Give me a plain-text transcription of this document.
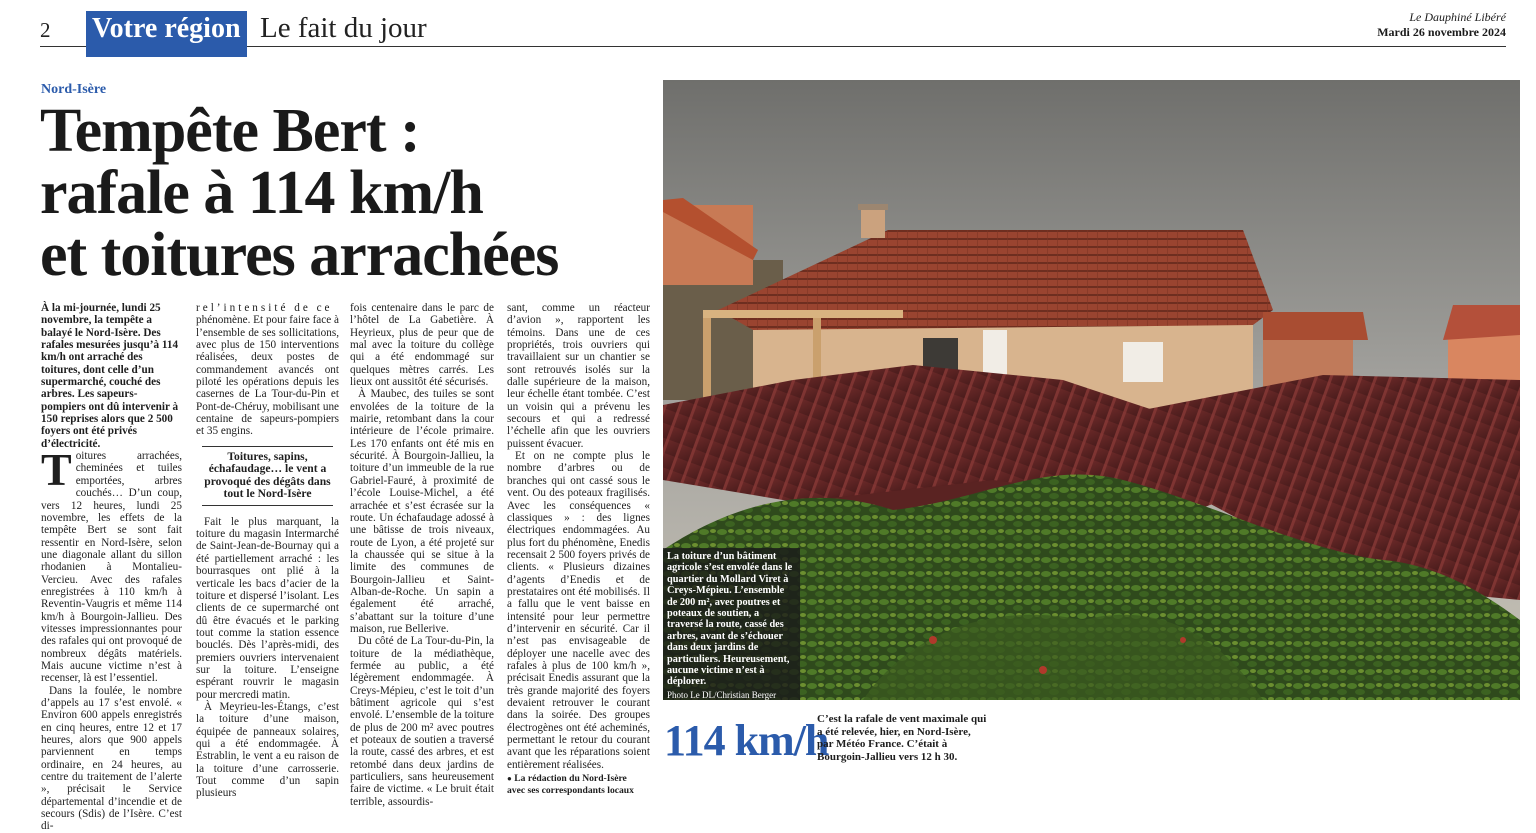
2 Votre région Le fait du jour	Le Dauphiné Libéré
Mardi 26 novembre 2024
Nord-Isère
Tempête Bert :
rafale à 114 km/h
et toitures arrachées

À la mi-journée, lundi 25 novembre, la tempête a balayé le Nord-Isère. Des rafales mesurées jusqu’à 114 km/h ont arraché des toitures, dont celle d’un supermarché, couché des arbres. Les sapeurs-pompiers ont dû intervenir à 150 reprises alors que 2 500 foyers ont été privés d’électricité.

Toitures arrachées, cheminées et tuiles emportées, arbres couchés… D’un coup, vers 12 heures, lundi 25 novembre, les effets de la tempête Bert se sont fait ressentir en Nord-Isère, selon une diagonale allant du sillon rhodanien à Montalieu-Vercieu. Avec des rafales enregistrées à 110 km/h à Reventin-Vaugris et même 114 km/h à Bourgoin-Jallieu. Des vitesses impressionnantes pour des rafales qui ont provoqué de nombreux dégâts matériels. Mais aucune victime n’est à recenser, là est l’essentiel.

Dans la foulée, le nombre d’appels au 17 s’est envolé. « Environ 600 appels enregistrés en cinq heures, entre 12 et 17 heures, alors que 900 appels parviennent en temps ordinaire, en 24 heures, au centre du traitement de l’alerte », précisait le Service départemental d’incendie et de secours (Sdis) de l’Isère. C’est di-

rel’intensité de ce

phénomène. Et pour faire face à l’ensemble de ses sollicitations, avec plus de 150 interventions réalisées, deux postes de commandement avancés ont piloté les opérations depuis les casernes de La Tour-du-Pin et Pont-de-Chéruy, mobilisant une centaine de sapeurs-pompiers et 35 engins.

Toitures, sapins, échafaudage… le vent a provoqué des dégâts dans tout le Nord-Isère

Fait le plus marquant, la toiture du magasin Intermarché de Saint-Jean-de-Bournay qui a été partiellement arraché : les bourrasques ont plié à la verticale les bacs d’acier de la toiture et dispersé l’isolant. Les clients de ce supermarché ont dû être évacués et le parking tout comme la station essence bouclés. Dès l’après-midi, des premiers ouvriers intervenaient sur la toiture. L’enseigne espérant rouvrir le magasin pour mercredi matin.

À Meyrieu-les-Étangs, c’est la toiture d’une maison, équipée de panneaux solaires, qui a été endommagée. À Estrablin, le vent a eu raison de la toiture d’une carrosserie. Tout comme d’un sapin plusieurs

fois centenaire dans le parc de l’hôtel de La Gabetière. À Heyrieux, plus de peur que de mal avec la toiture du collège qui a été endommagé sur quelques mètres carrés. Les lieux ont aussitôt été sécurisés.

À Maubec, des tuiles se sont envolées de la toiture de la mairie, retombant dans la cour intérieure de l’école primaire. Les 170 enfants ont été mis en sécurité. À Bourgoin-Jallieu, la toiture d’un immeuble de la rue Gabriel-Fauré, à proximité de l’école Louise-Michel, a été arrachée et s’est écrasée sur la route. Un échafaudage adossé à une bâtisse de trois niveaux, route de Lyon, a été projeté sur la chaussée qui se situe à la limite des communes de Bourgoin-Jallieu et Saint-Alban-de-Roche. Un sapin a également été arraché, s’abattant sur la toiture d’une maison, rue Bellerive.

Du côté de La Tour-du-Pin, la toiture de la médiathèque, fermée au public, a été légèrement endommagée. À Creys-Mépieu, c’est le toit d’un bâtiment agricole qui s’est envolé. L’ensemble de la toiture de plus de 200 m² avec poutres et poteaux de soutien a traversé la route, cassé des arbres, et est retombé dans deux jardins de particuliers, sans heureusement faire de victime. « Le bruit était terrible, assourdis-

sant, comme un réacteur d’avion », rapportent les témoins. Dans une de ces propriétés, trois ouvriers qui travaillaient sur un chantier se sont retrouvés isolés sur la dalle supérieure de la maison, leur échelle étant tombée. C’est un voisin qui a prévenu les secours et qui a redressé l’échelle afin que les ouvriers puissent évacuer.

Et on ne compte plus le nombre d’arbres ou de branches qui ont cassé sous le vent. Ou des poteaux fragilisés. Avec les conséquences « classiques » : des lignes électriques endommagées. Au plus fort du phénomène, Enedis recensait 2 500 foyers privés de clients. « Plusieurs dizaines d’agents d’Enedis et de prestataires ont été mobilisés. Il a fallu que le vent baisse en intensité pour leur permettre d’intervenir en sécurité. Car il n’est pas envisageable de déployer une nacelle avec des rafales à plus de 100 km/h », précisait Enedis assurant que la très grande majorité des foyers devaient retrouver le courant dans la soirée. Des groupes électrogènes ont été acheminés, permettant le retour du courant avant que les réparations soient entièrement réalisées.

● La rédaction du Nord-Isère
avec ses correspondants locaux
La toiture d’un bâtiment agricole s’est envolée dans le quartier du Mollard Viret à Creys-Mépieu. L’ensemble de 200 m², avec poutres et poteaux de soutien, a traversé la route, cassé des arbres, avant de s’échouer dans deux jardins de particuliers. Heureusement, aucune victime n’est à déplorer.
Photo Le DL/Christian Berger
114 km/h
C’est la rafale de vent maximale qui a été relevée, hier, en Nord-Isère, par Météo France. C’était à Bourgoin-Jallieu vers 12 h 30.
